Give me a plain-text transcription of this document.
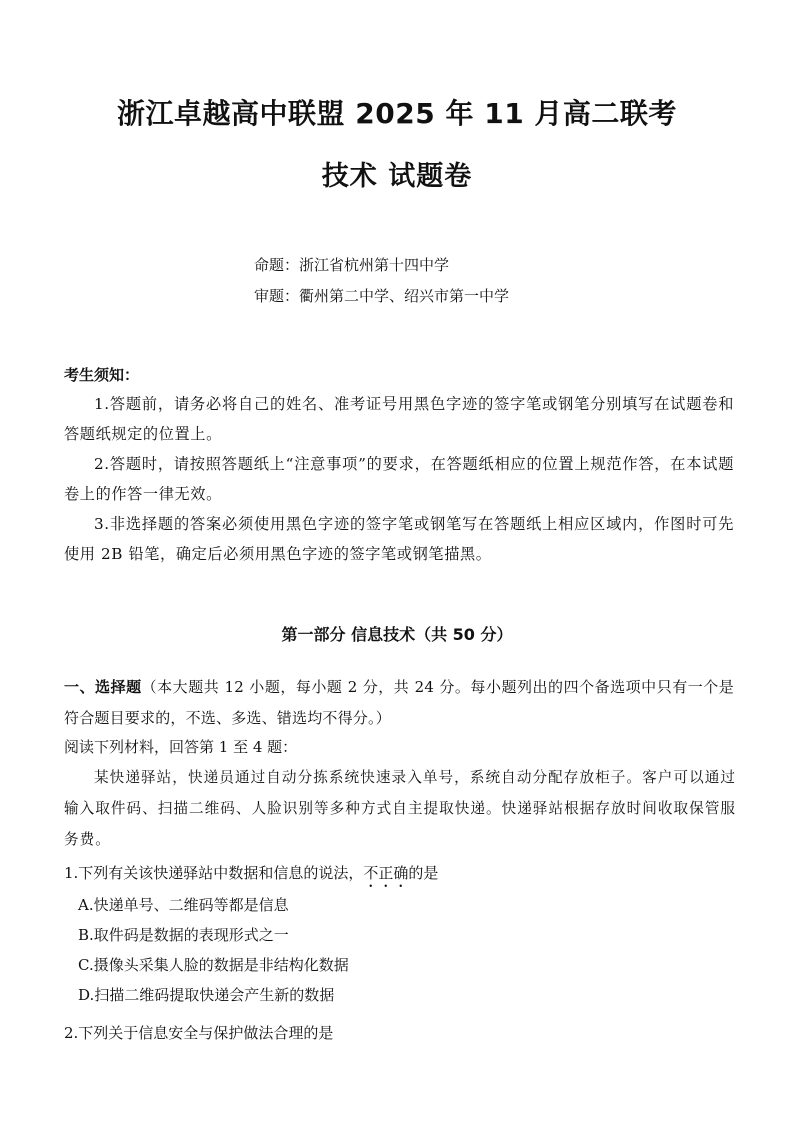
浙江卓越高中联盟 2025 年 11 月高二联考
技术 试题卷
命题：浙江省杭州第十四中学
审题：衢州第二中学、绍兴市第一中学
考生须知：
1.答题前，请务必将自己的姓名、准考证号用黑色字迹的签字笔或钢笔分别填写在试题卷和答题纸规定的位置上。
2.答题时，请按照答题纸上“注意事项”的要求，在答题纸相应的位置上规范作答，在本试题卷上的作答一律无效。
3.非选择题的答案必须使用黑色字迹的签字笔或钢笔写在答题纸上相应区域内，作图时可先使用 2B 铅笔，确定后必须用黑色字迹的签字笔或钢笔描黑。
第一部分 信息技术（共 50 分）
一、选择题（本大题共 12 小题，每小题 2 分，共 24 分。每小题列出的四个备选项中只有一个是符合题目要求的，不选、多选、错选均不得分。）
阅读下列材料，回答第 1 至 4 题：
某快递驿站，快递员通过自动分拣系统快速录入单号，系统自动分配存放柜子。客户可以通过输入取件码、扫描二维码、人脸识别等多种方式自主提取快递。快递驿站根据存放时间收取保管服务费。
1.下列有关该快递驿站中数据和信息的说法，不正确的是
A.快递单号、二维码等都是信息
B.取件码是数据的表现形式之一
C.摄像头采集人脸的数据是非结构化数据
D.扫描二维码提取快递会产生新的数据
2.下列关于信息安全与保护做法合理的是
